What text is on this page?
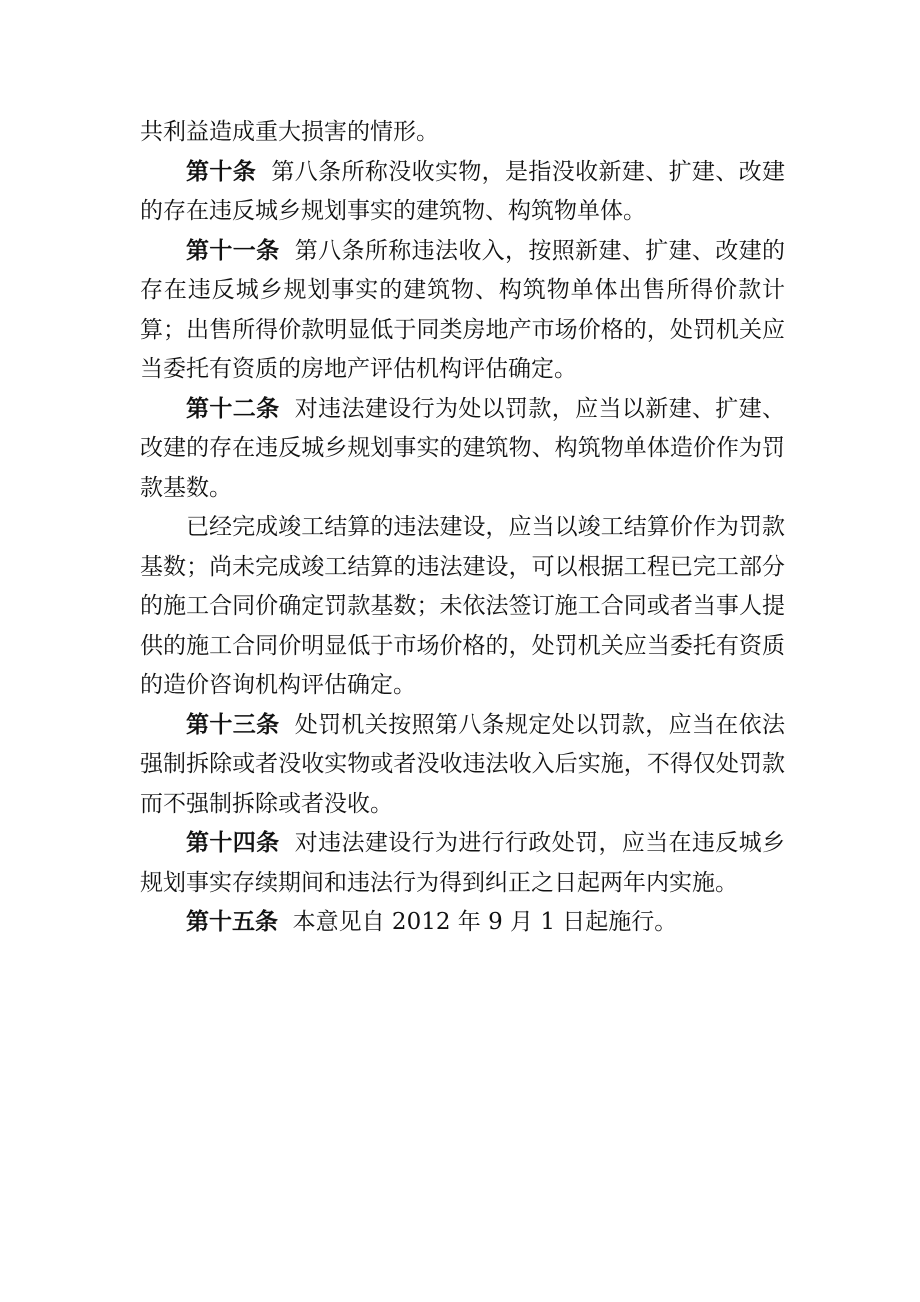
共利益造成重大损害的情形。

第十条  第八条所称没收实物，是指没收新建、扩建、改建的存在违反城乡规划事实的建筑物、构筑物单体。

第十一条  第八条所称违法收入，按照新建、扩建、改建的存在违反城乡规划事实的建筑物、构筑物单体出售所得价款计算；出售所得价款明显低于同类房地产市场价格的，处罚机关应当委托有资质的房地产评估机构评估确定。

第十二条  对违法建设行为处以罚款，应当以新建、扩建、改建的存在违反城乡规划事实的建筑物、构筑物单体造价作为罚款基数。

已经完成竣工结算的违法建设，应当以竣工结算价作为罚款基数；尚未完成竣工结算的违法建设，可以根据工程已完工部分的施工合同价确定罚款基数；未依法签订施工合同或者当事人提供的施工合同价明显低于市场价格的，处罚机关应当委托有资质的造价咨询机构评估确定。

第十三条  处罚机关按照第八条规定处以罚款，应当在依法强制拆除或者没收实物或者没收违法收入后实施，不得仅处罚款而不强制拆除或者没收。

第十四条  对违法建设行为进行行政处罚，应当在违反城乡规划事实存续期间和违法行为得到纠正之日起两年内实施。

第十五条  本意见自 2012 年 9 月 1 日起施行。
